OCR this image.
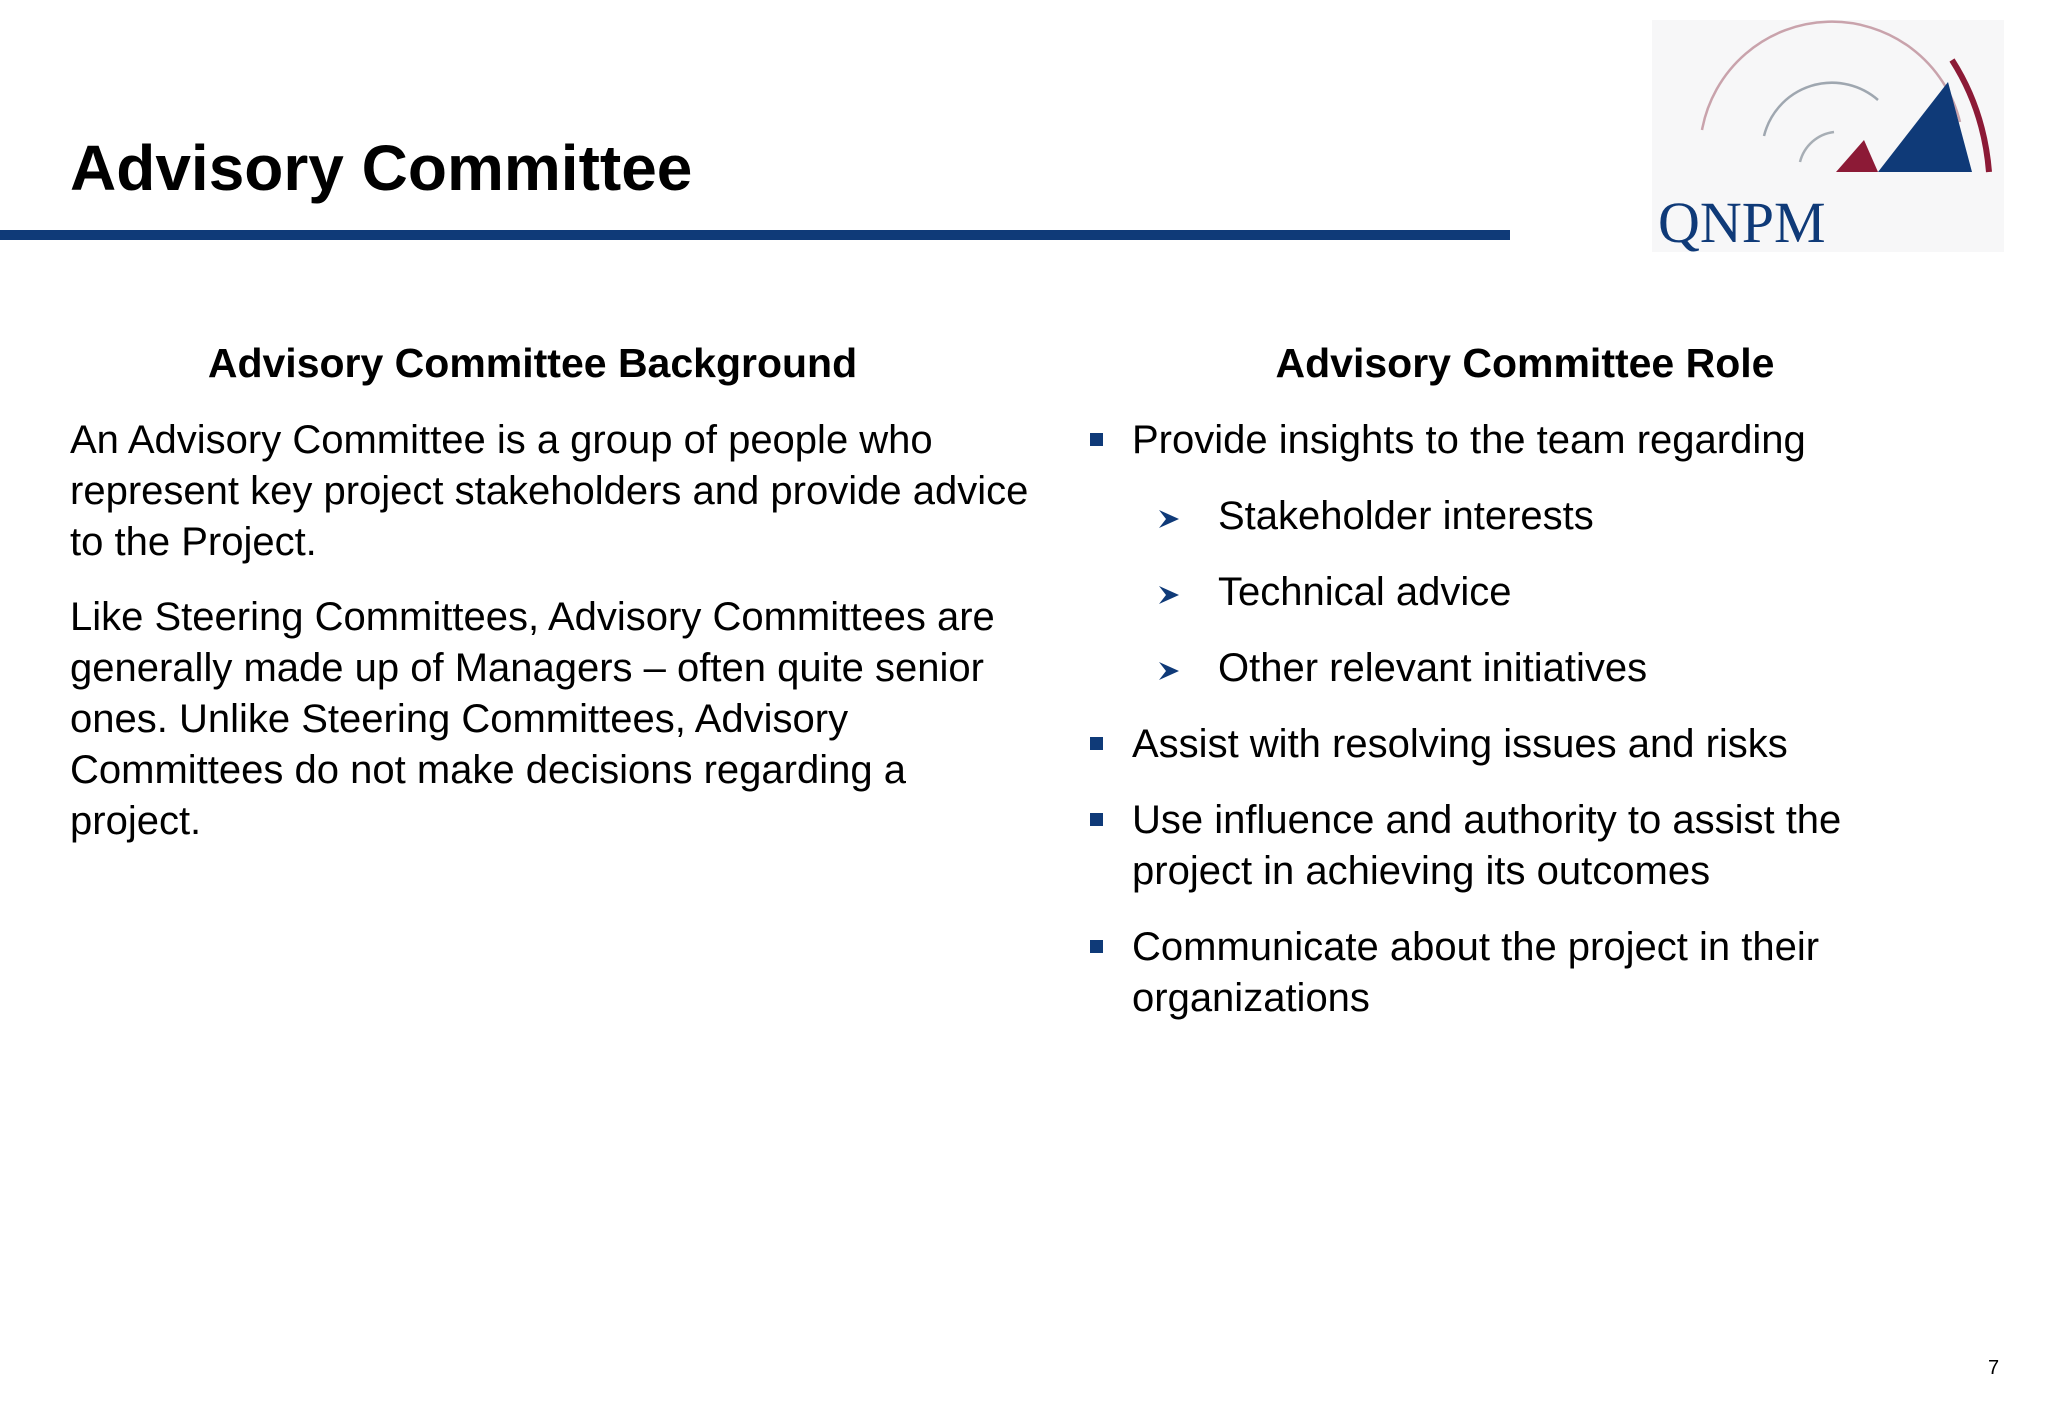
Advisory Committee
QNPM
Advisory Committee Background

An Advisory Committee is a group of people who represent key project stakeholders and provide advice to the Project.

Like Steering Committees, Advisory Committees are generally made up of Managers – often quite senior ones. Unlike Steering Committees, Advisory Committees do not make decisions regarding a project.

Advisory Committee Role
Provide insights to the team regarding
Stakeholder interests
Technical advice
Other relevant initiatives
Assist with resolving issues and risks
Use influence and authority to assist the
project in achieving its outcomes
Communicate about the project in their
organizations
7
